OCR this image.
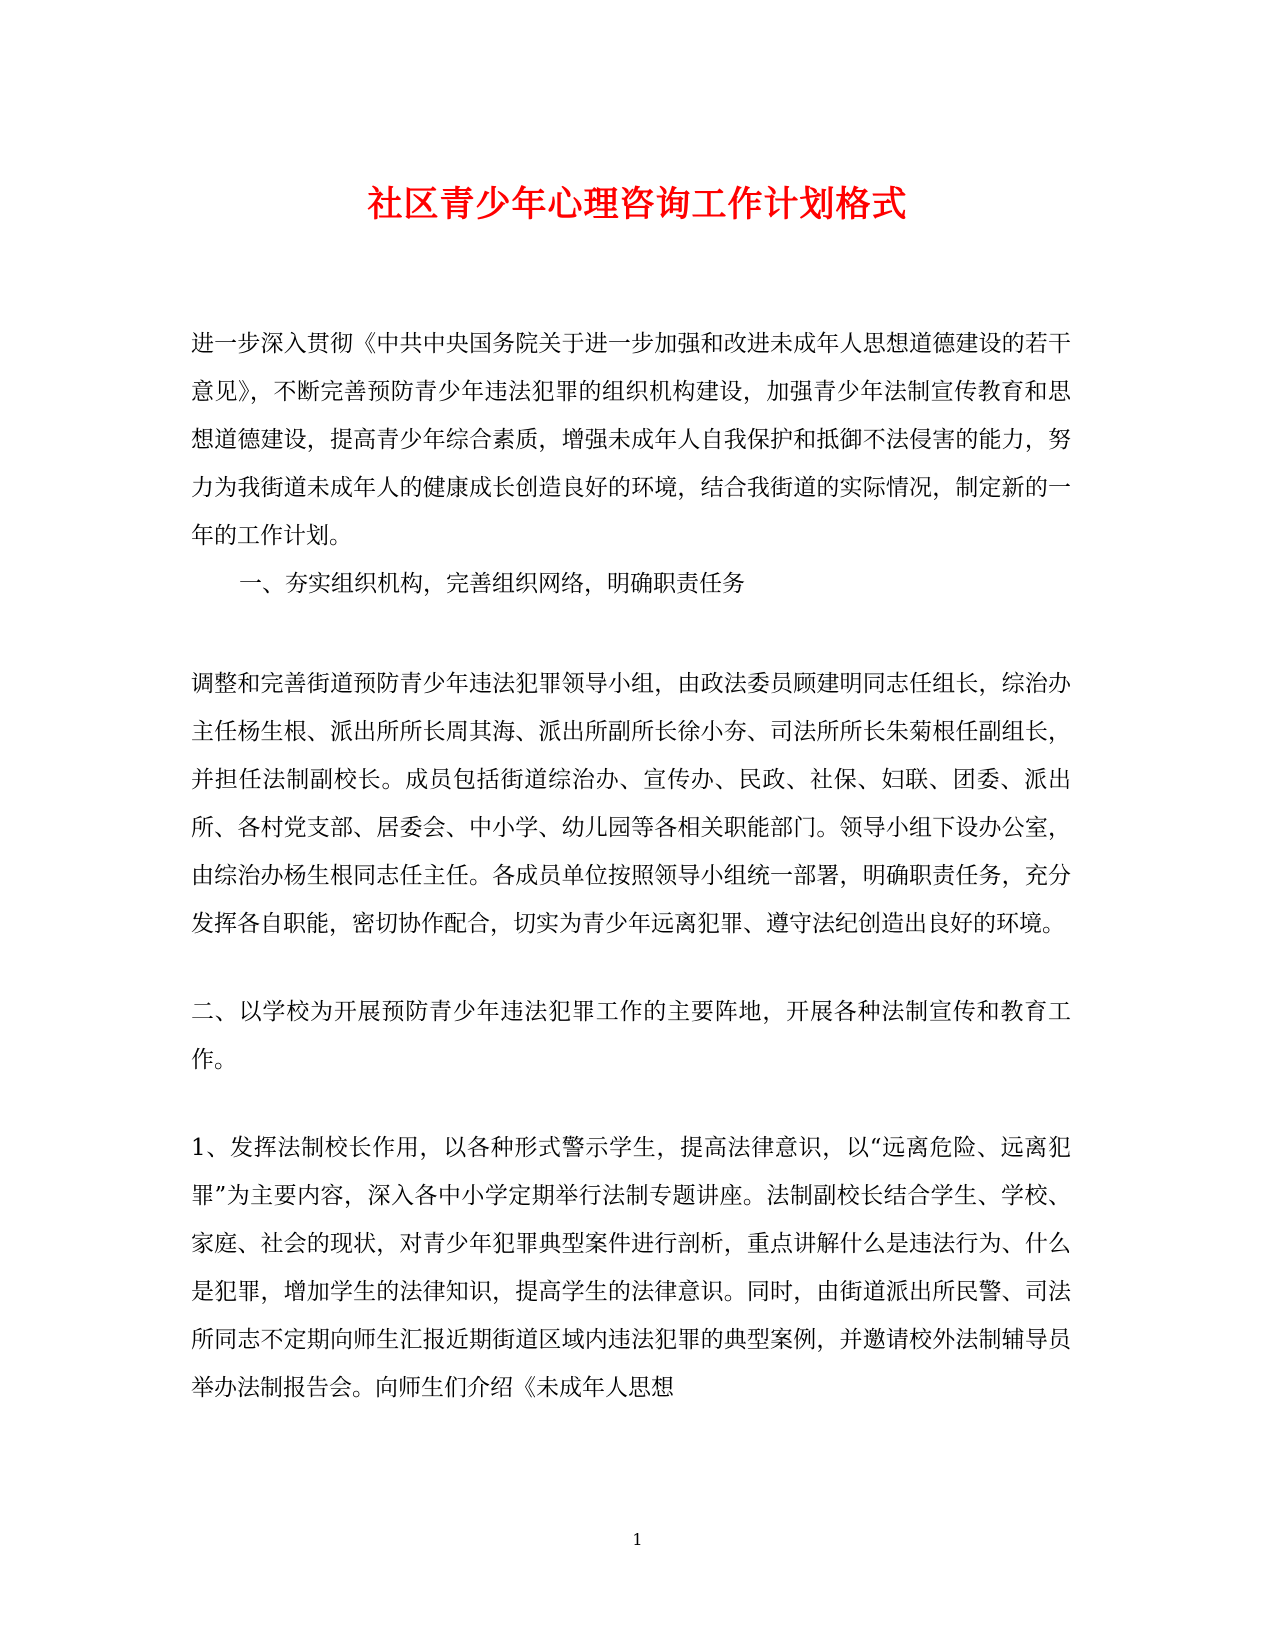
社区青少年心理咨询工作计划格式

进一步深入贯彻《中共中央国务院关于进一步加强和改进未成年人思想道德建设的若干意见》，不断完善预防青少年违法犯罪的组织机构建设，加强青少年法制宣传教育和思想道德建设，提高青少年综合素质，增强未成年人自我保护和抵御不法侵害的能力，努力为我街道未成年人的健康成长创造良好的环境，结合我街道的实际情况，制定新的一年的工作计划。

一、夯实组织机构，完善组织网络，明确职责任务

调整和完善街道预防青少年违法犯罪领导小组，由政法委员顾建明同志任组长，综治办主任杨生根、派出所所长周其海、派出所副所长徐小夯、司法所所长朱菊根任副组长，并担任法制副校长。成员包括街道综治办、宣传办、民政、社保、妇联、团委、派出所、各村党支部、居委会、中小学、幼儿园等各相关职能部门。领导小组下设办公室，由综治办杨生根同志任主任。各成员单位按照领导小组统一部署，明确职责任务，充分发挥各自职能，密切协作配合，切实为青少年远离犯罪、遵守法纪创造出良好的环境。

二、以学校为开展预防青少年违法犯罪工作的主要阵地，开展各种法制宣传和教育工作。

1、发挥法制校长作用，以各种形式警示学生，提高法律意识，以“远离危险、远离犯罪”为主要内容，深入各中小学定期举行法制专题讲座。法制副校长结合学生、学校、家庭、社会的现状，对青少年犯罪典型案件进行剖析，重点讲解什么是违法行为、什么是犯罪，增加学生的法律知识，提高学生的法律意识。同时，由街道派出所民警、司法所同志不定期向师生汇报近期街道区域内违法犯罪的典型案例，并邀请校外法制辅导员举办法制报告会。向师生们介绍《未成年人思想

1
